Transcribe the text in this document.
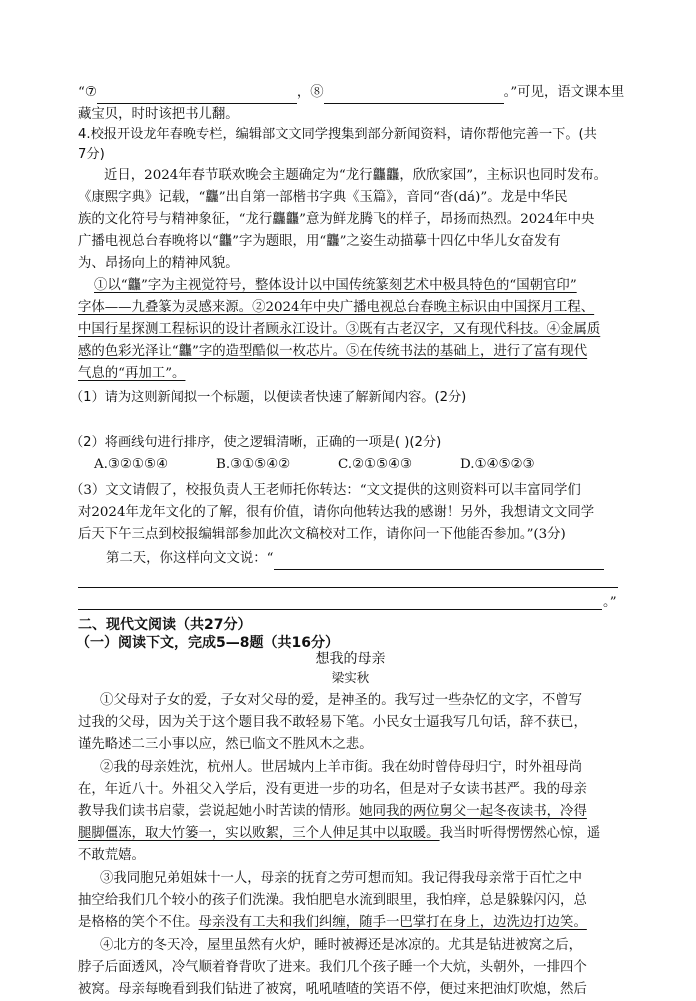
“⑦	，⑧	。”可见，语文课本里
藏宝贝，时时该把书儿翻。
4.校报开设龙年春晚专栏，编辑部文文同学搜集到部分新闻资料，请你帮他完善一下。(共
7分)
近日，2024年春节联欢晚会主题确定为“龙行龘龘，欣欣家国”，主标识也同时发布。
《康熙字典》记载，“龘”出自第一部楷书字典《玉篇》，音同“沓(dá)”。龙是中华民
族的文化符号与精神象征，“龙行龘龘”意为鲜龙腾飞的样子，昂扬而热烈。2024年中央
广播电视总台春晚将以“龘”字为题眼，用“龘”之姿生动描摹十四亿中华儿女奋发有
为、昂扬向上的精神风貌。
①以“龘”字为主视觉符号，整体设计以中国传统篆刻艺术中极具特色的“国朝官印”
字体——九叠篆为灵感来源。②2024年中央广播电视总台春晚主标识由中国探月工程、
中国行星探测工程标识的设计者顾永江设计。③既有古老汉字，又有现代科技。④金属质
感的色彩光泽让“龘”字的造型酷似一枚芯片。⑤在传统书法的基础上，进行了富有现代
气息的“再加工”。
（1）请为这则新闻拟一个标题，以便读者快速了解新闻内容。(2分)
（2）将画线句进行排序，使之逻辑清晰，正确的一项是( )(2分)
A.③②①⑤④	B.③①⑤④②	C.②①⑤④③	D.①④⑤②③
（3）文文请假了，校报负责人王老师托你转达：“文文提供的这则资料可以丰富同学们
对2024年龙年文化的了解，很有价值，请你向他转达我的感谢！另外，我想请文文同学
后天下午三点到校报编辑部参加此次文稿校对工作，请你问一下他能否参加。”(3分)
第二天，你这样向文文说：“
。”
二、现代文阅读（共27分）
（一）阅读下文，完成5—8题（共16分）
想我的母亲
梁实秋
①父母对子女的爱，子女对父母的爱，是神圣的。我写过一些杂忆的文字，不曾写
过我的父母，因为关于这个题目我不敢轻易下笔。小民女士逼我写几句话，辞不获已，
谨先略述二三小事以应，然已临文不胜风木之悲。
②我的母亲姓沈，杭州人。世居城内上羊市街。我在幼时曾侍母归宁，时外祖母尚
在，年近八十。外祖父入学后，没有更进一步的功名，但是对子女读书甚严。我的母亲
教导我们读书启蒙，尝说起她小时苦读的情形。她同我的两位舅父一起冬夜读书，冷得
腿脚僵冻，取大竹篓一，实以败絮，三个人伸足其中以取暖。我当时听得愣愣然心惊，遥
不敢荒嬉。
③我同胞兄弟姐妹十一人，母亲的抚育之劳可想而知。我记得我母亲常于百忙之中
抽空给我们几个较小的孩子们洗澡。我怕肥皂水流到眼里，我怕痒，总是躲躲闪闪，总
是格格的笑个不住。母亲没有工夫和我们纠缠，随手一巴掌打在身上，边洗边打边笑。
④北方的冬天冷，屋里虽然有火炉，睡时被褥还是冰凉的。尤其是钻进被窝之后，
脖子后面透风，冷气顺着脊背吹了进来。我们几个孩子睡一个大炕，头朝外，一排四个
被窝。母亲每晚看到我们钻进了被窝，吼吼喳喳的笑语不停，便过来把油灯吹熄，然后
